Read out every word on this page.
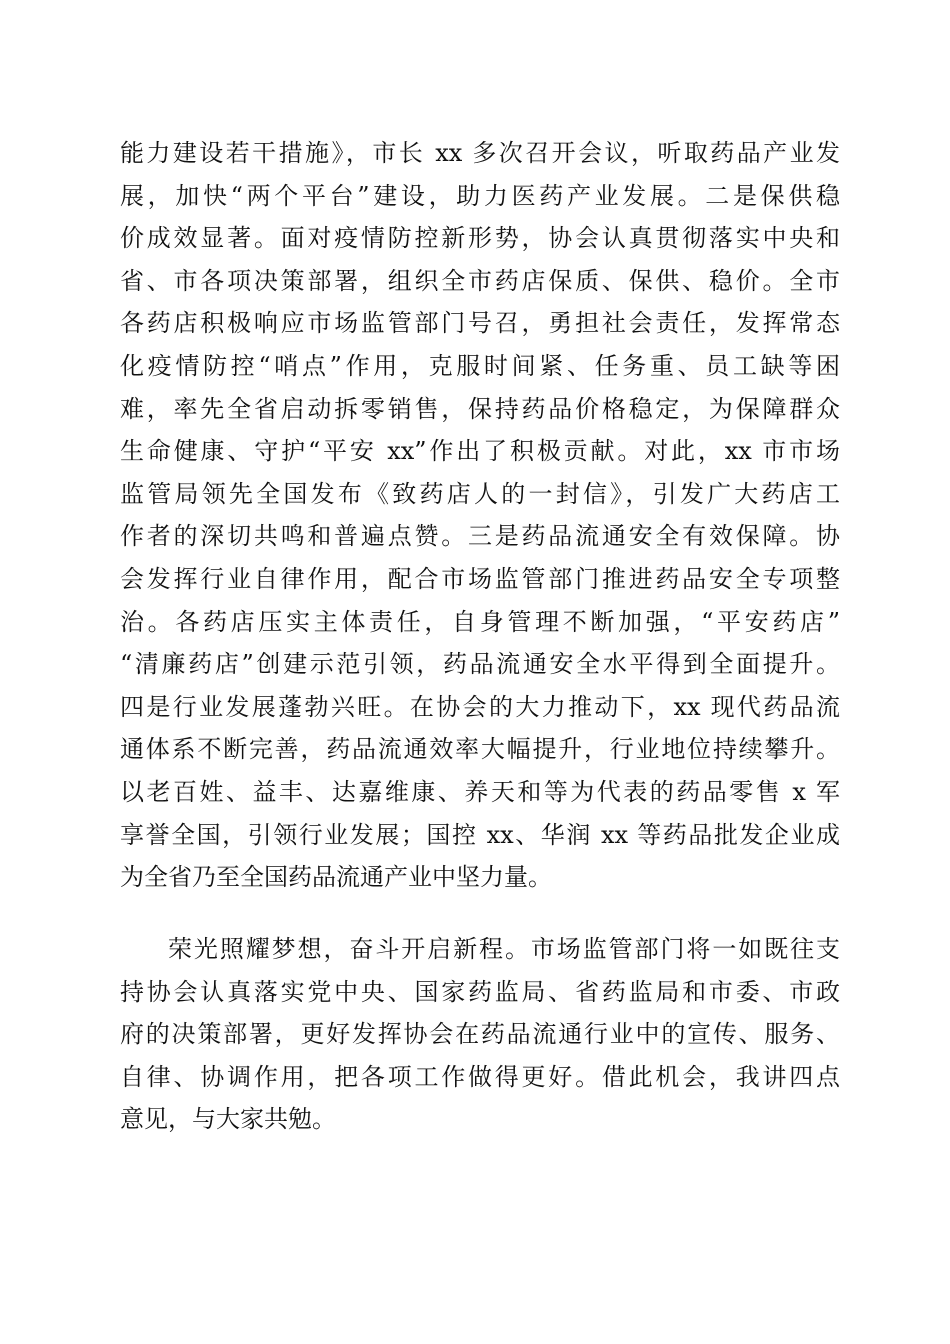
能力建设若干措施》，市长 xx 多次召开会议，听取药品产业发
展，加快“两个平台”建设，助力医药产业发展。二是保供稳
价成效显著。面对疫情防控新形势，协会认真贯彻落实中央和
省、市各项决策部署，组织全市药店保质、保供、稳价。全市
各药店积极响应市场监管部门号召，勇担社会责任，发挥常态
化疫情防控“哨点”作用，克服时间紧、任务重、员工缺等困
难，率先全省启动拆零销售，保持药品价格稳定，为保障群众
生命健康、守护“平安 xx”作出了积极贡献。对此，xx 市市场
监管局领先全国发布《致药店人的一封信》，引发广大药店工
作者的深切共鸣和普遍点赞。三是药品流通安全有效保障。协
会发挥行业自律作用，配合市场监管部门推进药品安全专项整
治。各药店压实主体责任，自身管理不断加强，“平安药店”
“清廉药店”创建示范引领，药品流通安全水平得到全面提升。
四是行业发展蓬勃兴旺。在协会的大力推动下，xx 现代药品流
通体系不断完善，药品流通效率大幅提升，行业地位持续攀升。
以老百姓、益丰、达嘉维康、养天和等为代表的药品零售 x 军
享誉全国，引领行业发展；国控 xx、华润 xx 等药品批发企业成
为全省乃至全国药品流通产业中坚力量。
荣光照耀梦想，奋斗开启新程。市场监管部门将一如既往支
持协会认真落实党中央、国家药监局、省药监局和市委、市政
府的决策部署，更好发挥协会在药品流通行业中的宣传、服务、
自律、协调作用，把各项工作做得更好。借此机会，我讲四点
意见，与大家共勉。
